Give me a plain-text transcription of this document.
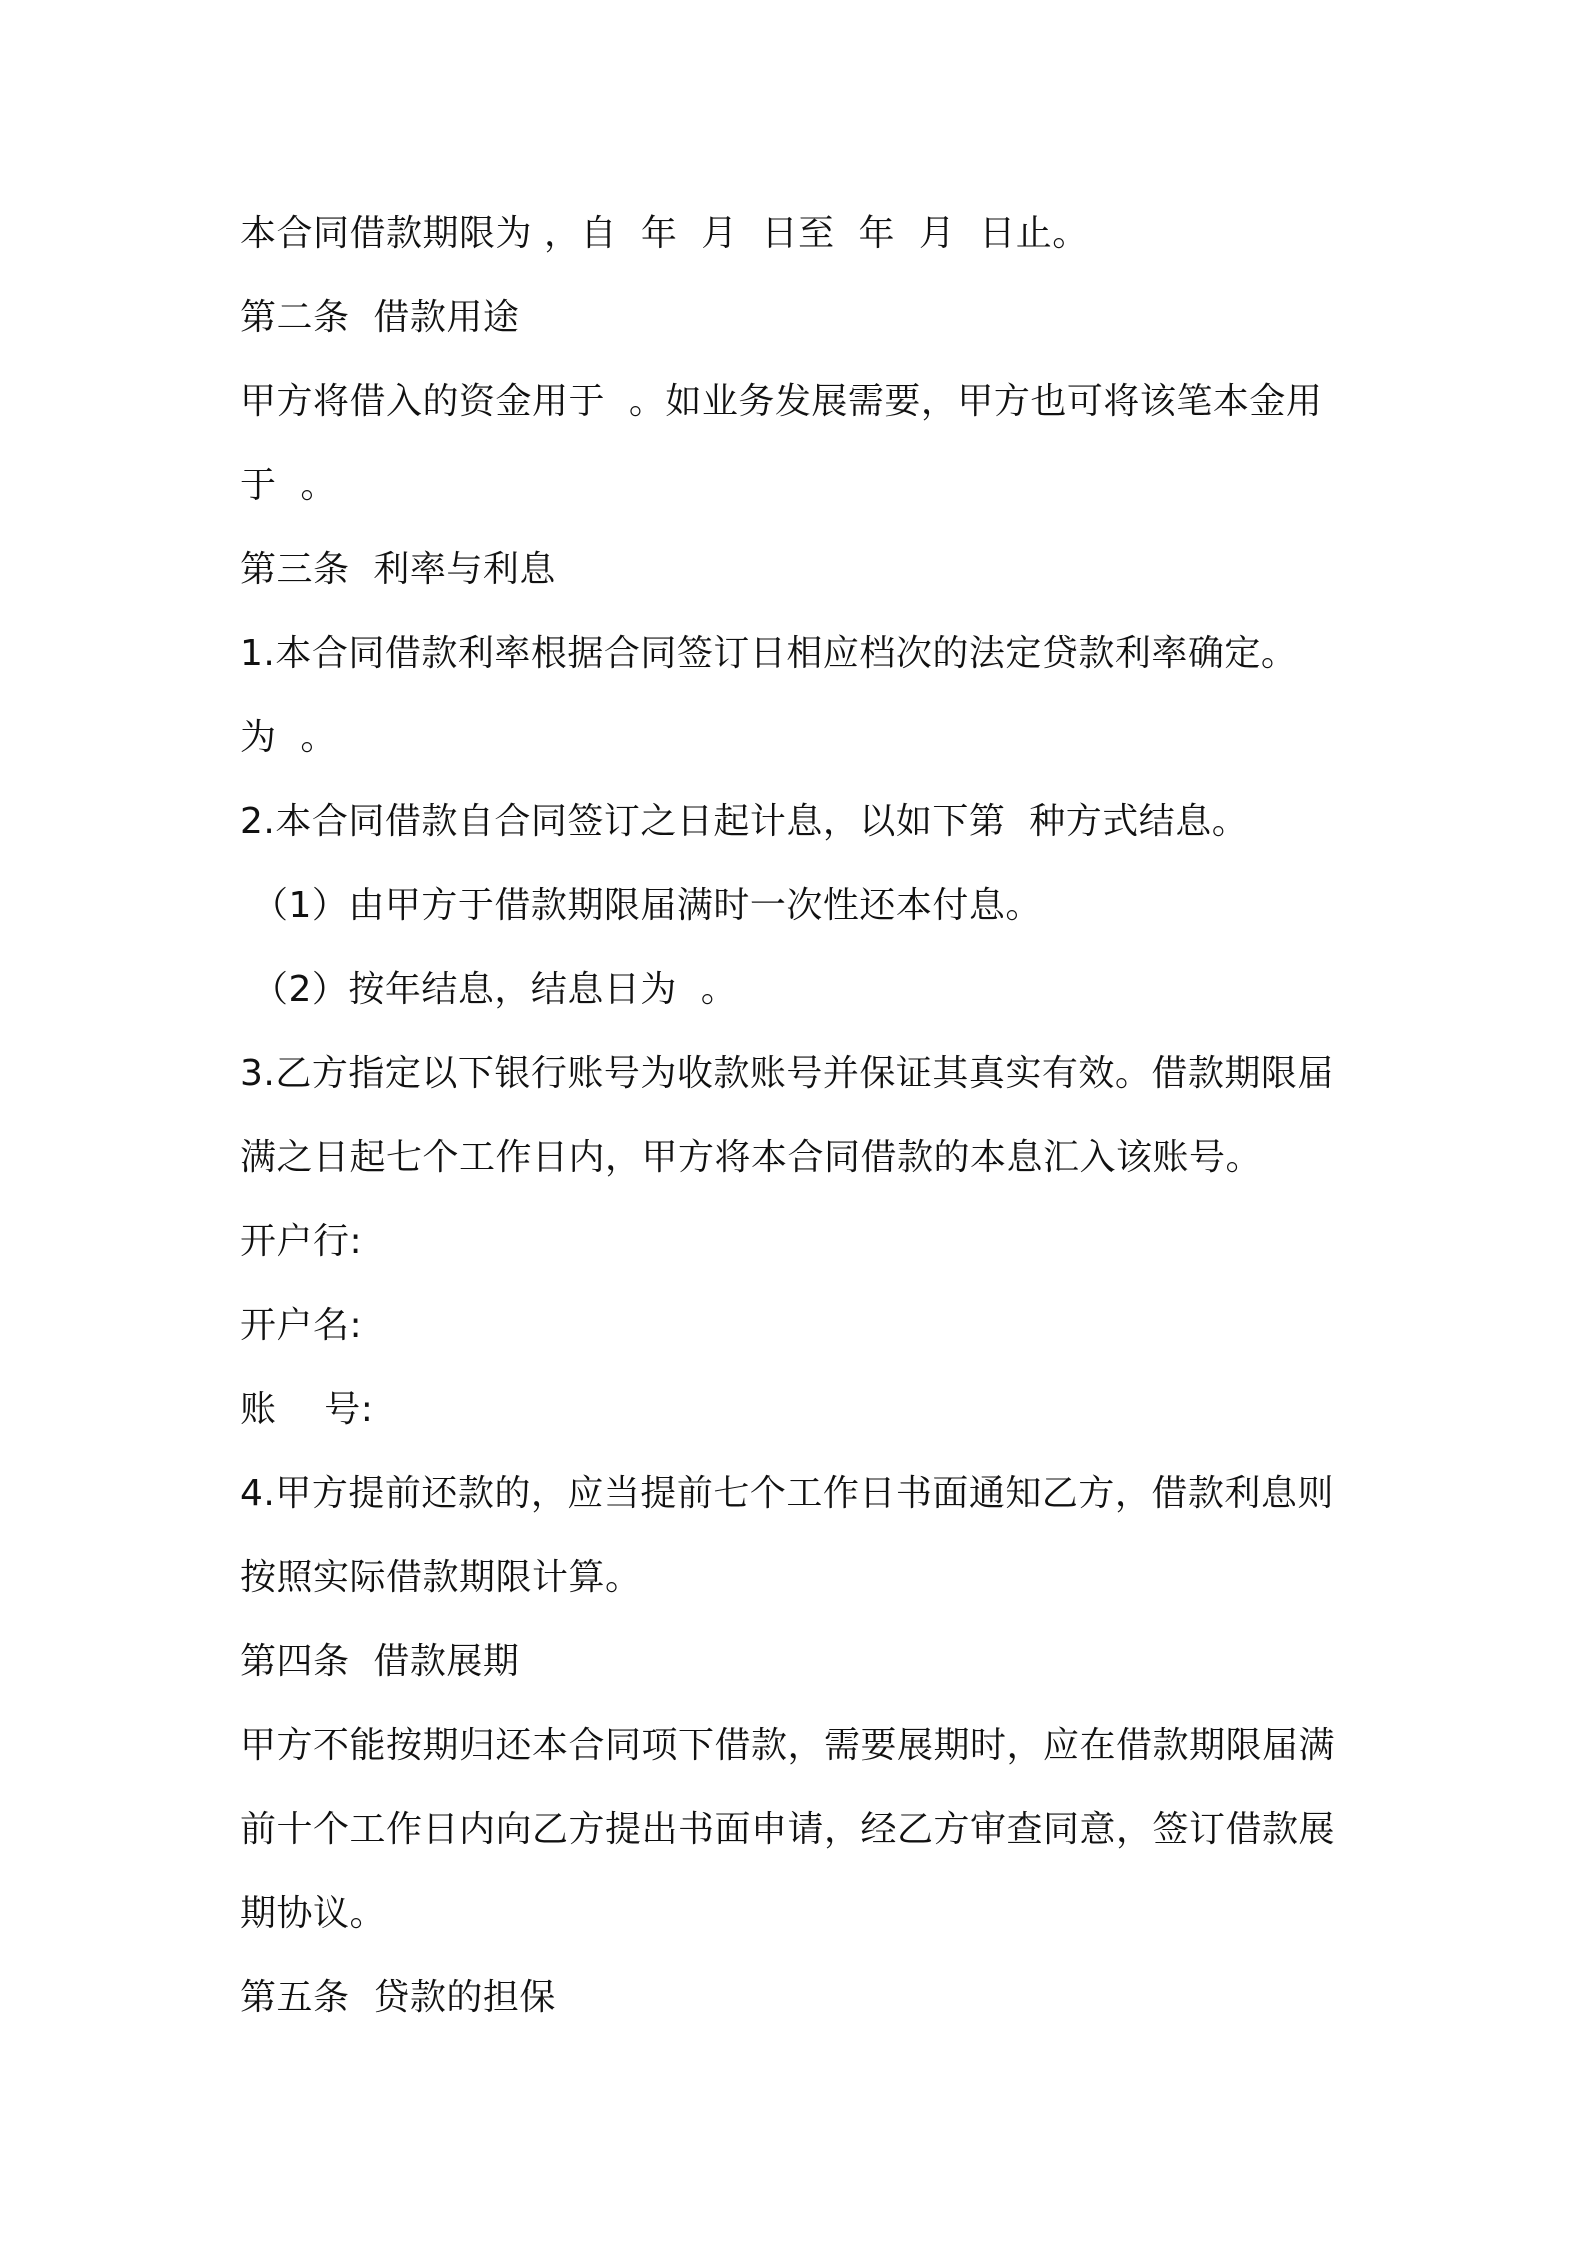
本合同借款期限为 ，自  年  月  日至  年  月  日止。
第二条  借款用途
甲方将借入的资金用于  。如业务发展需要，甲方也可将该笔本金用
于  。
第三条  利率与利息
1.本合同借款利率根据合同签订日相应档次的法定贷款利率确定。
为  。
2.本合同借款自合同签订之日起计息，以如下第  种方式结息。
（1）由甲方于借款期限届满时一次性还本付息。
（2）按年结息，结息日为  。
3.乙方指定以下银行账号为收款账号并保证其真实有效。借款期限届
满之日起七个工作日内，甲方将本合同借款的本息汇入该账号。
开户行:
开户名:
账    号:
4.甲方提前还款的，应当提前七个工作日书面通知乙方，借款利息则
按照实际借款期限计算。
第四条  借款展期
甲方不能按期归还本合同项下借款，需要展期时，应在借款期限届满
前十个工作日内向乙方提出书面申请，经乙方审查同意，签订借款展
期协议。
第五条  贷款的担保
